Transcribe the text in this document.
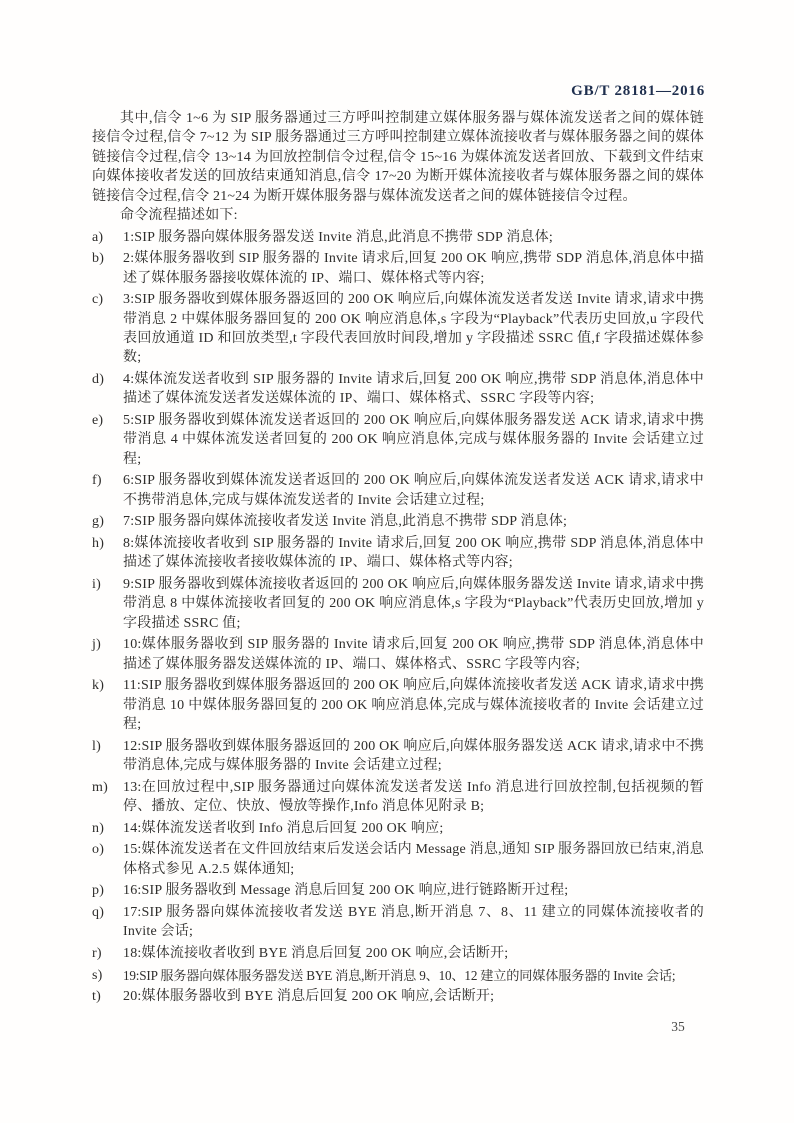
GB/T 28181—2016

其中,信令 1~6 为 SIP 服务器通过三方呼叫控制建立媒体服务器与媒体流发送者之间的媒体链接信令过程,信令 7~12 为 SIP 服务器通过三方呼叫控制建立媒体流接收者与媒体服务器之间的媒体链接信令过程,信令 13~14 为回放控制信令过程,信令 15~16 为媒体流发送者回放、下载到文件结束向媒体接收者发送的回放结束通知消息,信令 17~20 为断开媒体流接收者与媒体服务器之间的媒体链接信令过程,信令 21~24 为断开媒体服务器与媒体流发送者之间的媒体链接信令过程。

命令流程描述如下:

a)	1:SIP 服务器向媒体服务器发送 Invite 消息,此消息不携带 SDP 消息体;
b)	2:媒体服务器收到 SIP 服务器的 Invite 请求后,回复 200 OK 响应,携带 SDP 消息体,消息体中描述了媒体服务器接收媒体流的 IP、端口、媒体格式等内容;
c)	3:SIP 服务器收到媒体服务器返回的 200 OK 响应后,向媒体流发送者发送 Invite 请求,请求中携带消息 2 中媒体服务器回复的 200 OK 响应消息体,s 字段为“Playback”代表历史回放,u 字段代表回放通道 ID 和回放类型,t 字段代表回放时间段,增加 y 字段描述 SSRC 值,f 字段描述媒体参数;
d)	4:媒体流发送者收到 SIP 服务器的 Invite 请求后,回复 200 OK 响应,携带 SDP 消息体,消息体中描述了媒体流发送者发送媒体流的 IP、端口、媒体格式、SSRC 字段等内容;
e)	5:SIP 服务器收到媒体流发送者返回的 200 OK 响应后,向媒体服务器发送 ACK 请求,请求中携带消息 4 中媒体流发送者回复的 200 OK 响应消息体,完成与媒体服务器的 Invite 会话建立过程;
f)	6:SIP 服务器收到媒体流发送者返回的 200 OK 响应后,向媒体流发送者发送 ACK 请求,请求中不携带消息体,完成与媒体流发送者的 Invite 会话建立过程;
g)	7:SIP 服务器向媒体流接收者发送 Invite 消息,此消息不携带 SDP 消息体;
h)	8:媒体流接收者收到 SIP 服务器的 Invite 请求后,回复 200 OK 响应,携带 SDP 消息体,消息体中描述了媒体流接收者接收媒体流的 IP、端口、媒体格式等内容;
i)	9:SIP 服务器收到媒体流接收者返回的 200 OK 响应后,向媒体服务器发送 Invite 请求,请求中携带消息 8 中媒体流接收者回复的 200 OK 响应消息体,s 字段为“Playback”代表历史回放,增加 y 字段描述 SSRC 值;
j)	10:媒体服务器收到 SIP 服务器的 Invite 请求后,回复 200 OK 响应,携带 SDP 消息体,消息体中描述了媒体服务器发送媒体流的 IP、端口、媒体格式、SSRC 字段等内容;
k)	11:SIP 服务器收到媒体服务器返回的 200 OK 响应后,向媒体流接收者发送 ACK 请求,请求中携带消息 10 中媒体服务器回复的 200 OK 响应消息体,完成与媒体流接收者的 Invite 会话建立过程;
l)	12:SIP 服务器收到媒体服务器返回的 200 OK 响应后,向媒体服务器发送 ACK 请求,请求中不携带消息体,完成与媒体服务器的 Invite 会话建立过程;
m)	13:在回放过程中,SIP 服务器通过向媒体流发送者发送 Info 消息进行回放控制,包括视频的暂停、播放、定位、快放、慢放等操作,Info 消息体见附录 B;
n)	14:媒体流发送者收到 Info 消息后回复 200 OK 响应;
o)	15:媒体流发送者在文件回放结束后发送会话内 Message 消息,通知 SIP 服务器回放已结束,消息体格式参见 A.2.5 媒体通知;
p)	16:SIP 服务器收到 Message 消息后回复 200 OK 响应,进行链路断开过程;
q)	17:SIP 服务器向媒体流接收者发送 BYE 消息,断开消息 7、8、11 建立的同媒体流接收者的 Invite 会话;
r)	18:媒体流接收者收到 BYE 消息后回复 200 OK 响应,会话断开;
s)	19:SIP 服务器向媒体服务器发送 BYE 消息,断开消息 9、10、12 建立的同媒体服务器的 Invite 会话;
t)	20:媒体服务器收到 BYE 消息后回复 200 OK 响应,会话断开;
35
